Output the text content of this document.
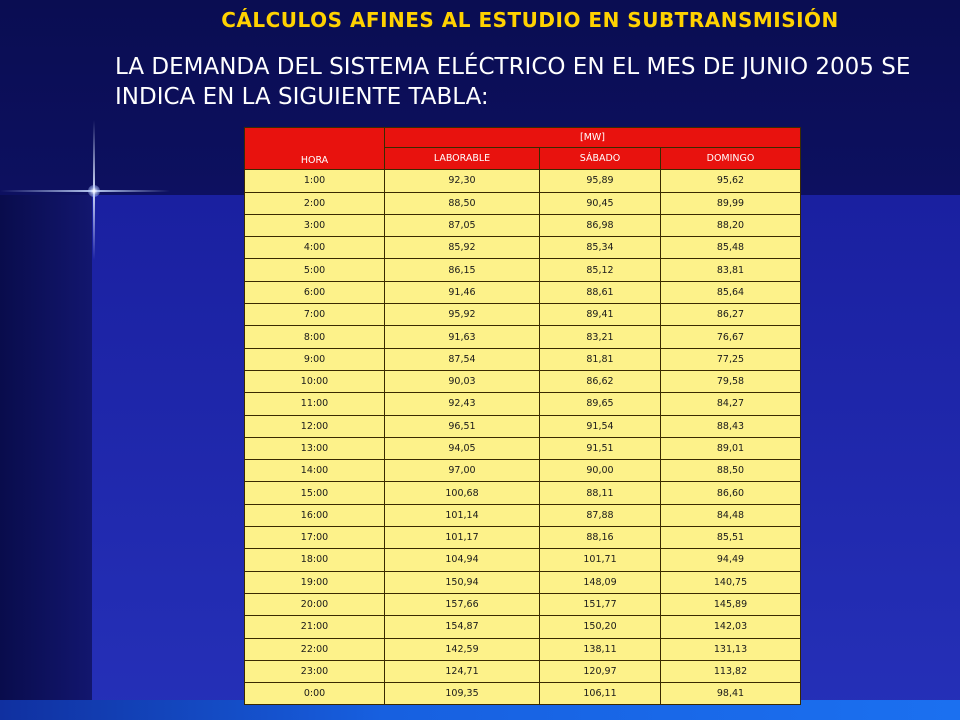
CÁLCULOS AFINES AL ESTUDIO EN SUBTRANSMISIÓN
LA DEMANDA DEL SISTEMA ELÉCTRICO EN EL MES DE JUNIO 2005 SE INDICA EN LA SIGUIENTE TABLA:
HORA	[MW]		
	LABORABLE	SÁBADO	DOMINGO
1:00	92,30	95,89	95,62
2:00	88,50	90,45	89,99
3:00	87,05	86,98	88,20
4:00	85,92	85,34	85,48
5:00	86,15	85,12	83,81
6:00	91,46	88,61	85,64
7:00	95,92	89,41	86,27
8:00	91,63	83,21	76,67
9:00	87,54	81,81	77,25
10:00	90,03	86,62	79,58
11:00	92,43	89,65	84,27
12:00	96,51	91,54	88,43
13:00	94,05	91,51	89,01
14:00	97,00	90,00	88,50
15:00	100,68	88,11	86,60
16:00	101,14	87,88	84,48
17:00	101,17	88,16	85,51
18:00	104,94	101,71	94,49
19:00	150,94	148,09	140,75
20:00	157,66	151,77	145,89
21:00	154,87	150,20	142,03
22:00	142,59	138,11	131,13
23:00	124,71	120,97	113,82
0:00	109,35	106,11	98,41
